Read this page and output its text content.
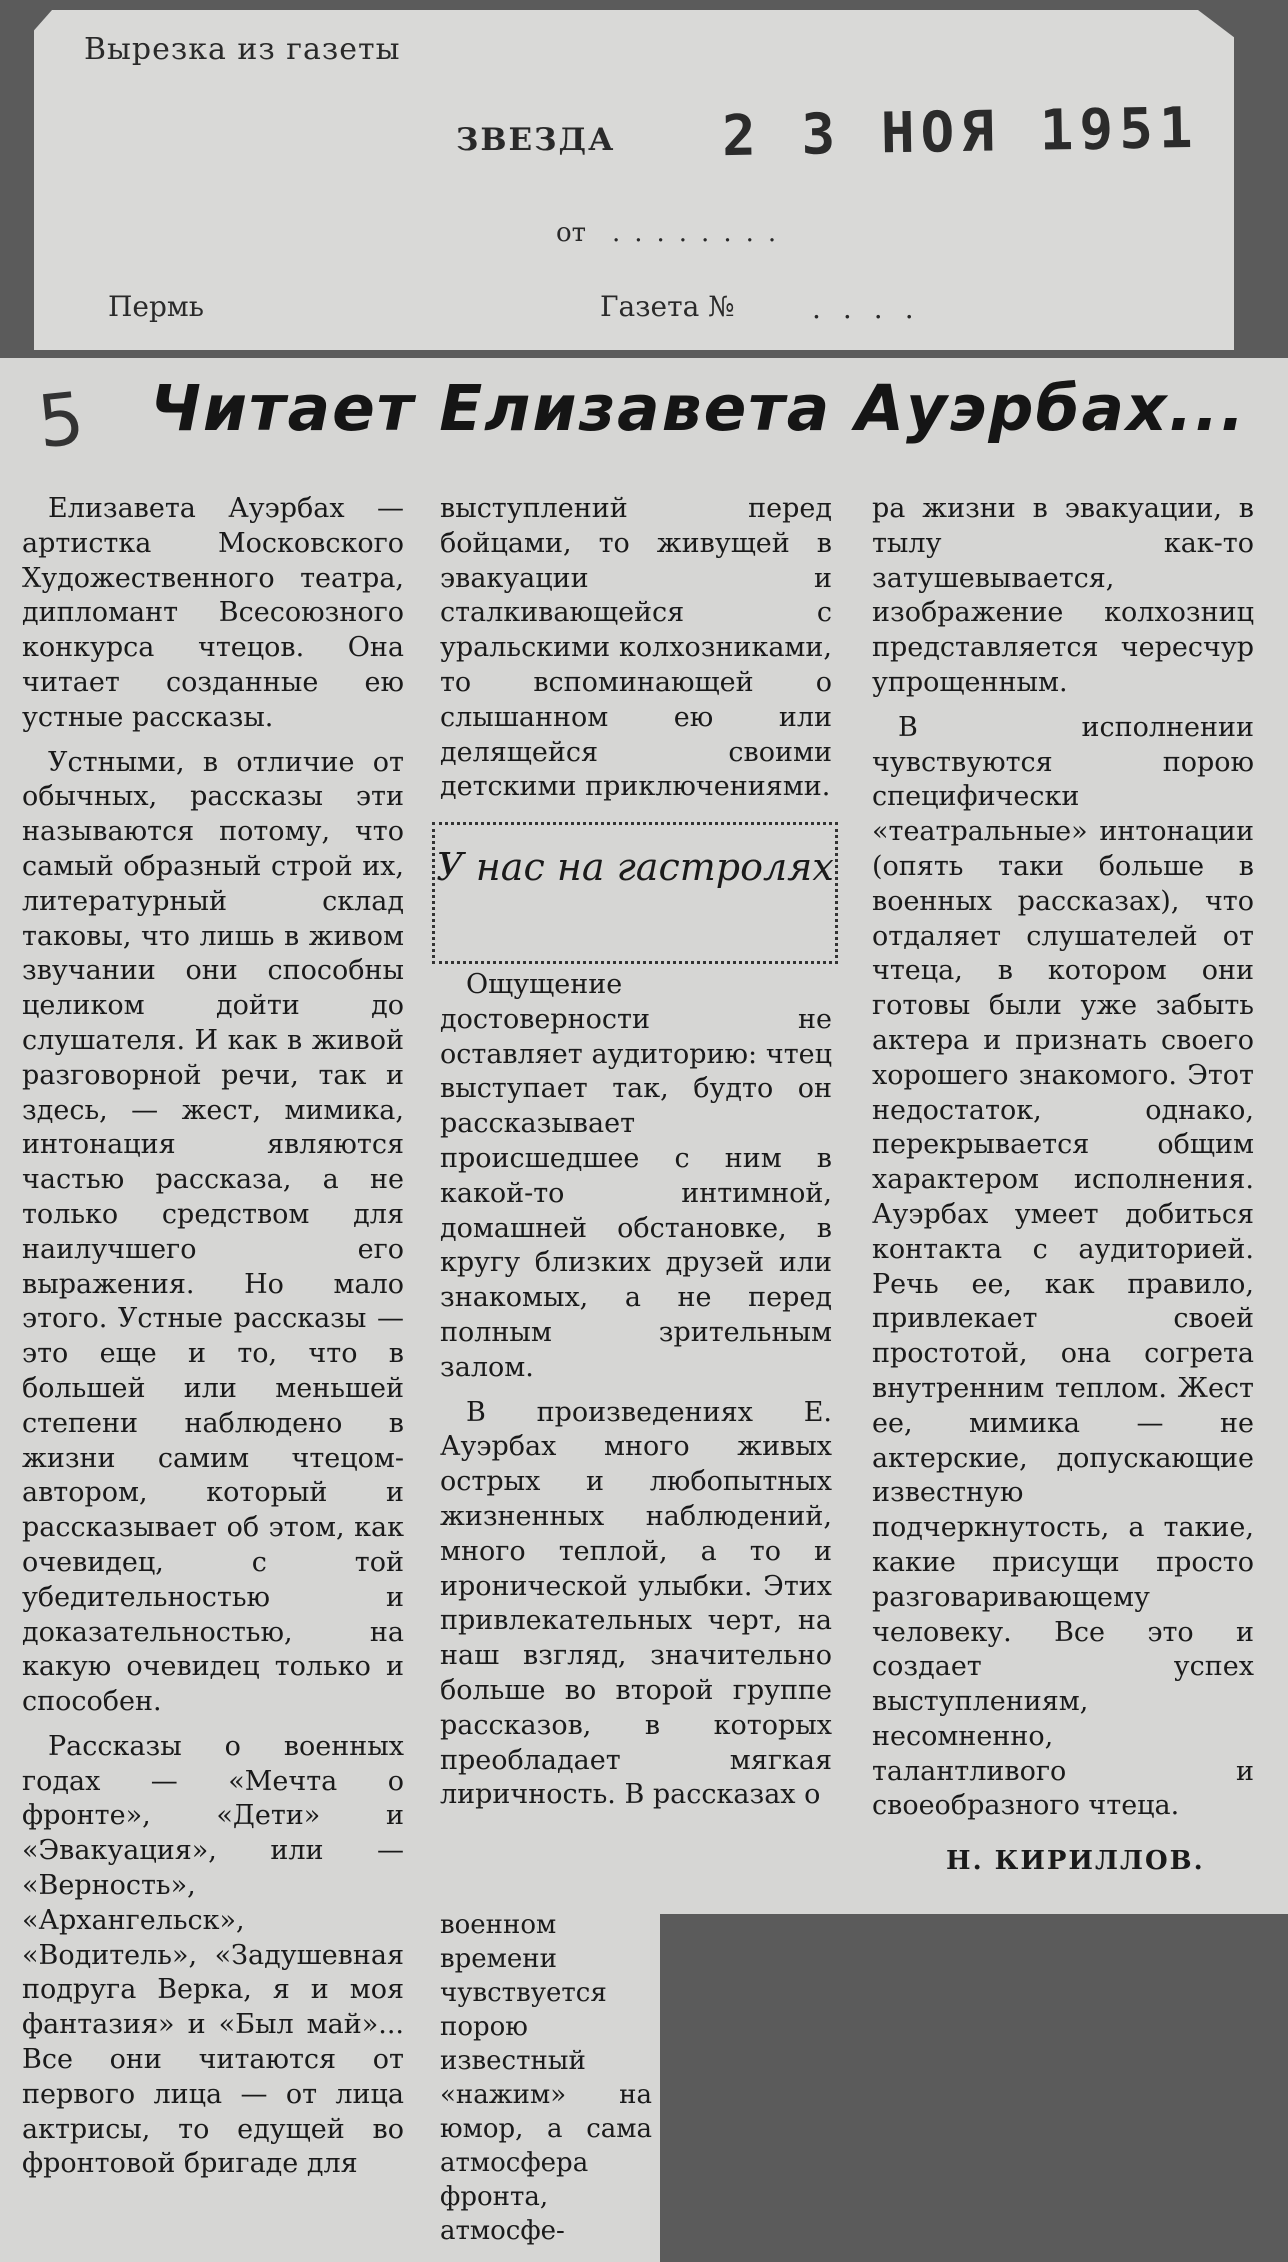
Вырезка из газеты
ЗВЕЗДА 2 3 НОЯ 1951
от ........
Пермь	Газета №	....
5 Читает Елизавета Ауэрбах...

Елизавета Ауэрбах — артистка Московского Художественного театра, дипломант Всесоюзного конкурса чтецов. Она читает созданные ею устные рассказы.

Устными, в отличие от обычных, рассказы эти называются потому, что самый образный строй их, литературный склад таковы, что лишь в живом звучании они способны целиком дойти до слушателя. И как в живой разговорной речи, так и здесь, — жест, мимика, интонация являются частью рассказа, а не только средством для наилучшего его выражения. Но мало этого. Устные рассказы — это еще и то, что в большей или меньшей степени наблюдено в жизни самим чтецом-автором, который и рассказывает об этом, как очевидец, с той убедительностью и доказательностью, на какую очевидец только и способен.

Рассказы о военных годах — «Мечта о фронте», «Дети» и «Эвакуация», или — «Верность», «Архангельск», «Водитель», «Задушевная подруга Верка, я и моя фантазия» и «Был май»... Все они читаются от первого лица — от лица актрисы, то едущей во фронтовой бригаде для

выступлений перед бойцами, то живущей в эвакуации и сталкивающейся с уральскими колхозниками, то вспоминающей о слышанном ею или делящейся своими детскими приключениями.

У нас на гастролях

Ощущение достоверности не оставляет аудиторию: чтец выступает так, будто он рассказывает происшедшее с ним в какой-то интимной, домашней обстановке, в кругу близких друзей или знакомых, а не перед полным зрительным залом.

В произведениях Е. Ауэрбах много живых острых и любопытных жизненных наблюдений, много теплой, а то и иронической улыбки. Этих привлекательных черт, на наш взгляд, значительно больше во второй группе рассказов, в которых преобладает мягкая лиричность. В рассказах о

военном времени чувствуется порою известный «нажим» на юмор, а сама атмосфера фронта, атмосфе-

ра жизни в эвакуации, в тылу как-то затушевывается, изображение колхозниц представляется чересчур упрощенным.

В исполнении чувствуются порою специфически «театральные» интонации (опять таки больше в военных рассказах), что отдаляет слушателей от чтеца, в котором они готовы были уже забыть актера и признать своего хорошего знакомого. Этот недостаток, однако, перекрывается общим характером исполнения. Ауэрбах умеет добиться контакта с аудиторией. Речь ее, как правило, привлекает своей простотой, она согрета внутренним теплом. Жест ее, мимика — не актерские, допускающие известную подчеркнутость, а такие, какие присущи просто разговаривающему человеку. Все это и создает успех выступлениям, несомненно, талантливого и своеобразного чтеца.

Н. КИРИЛЛОВ.
